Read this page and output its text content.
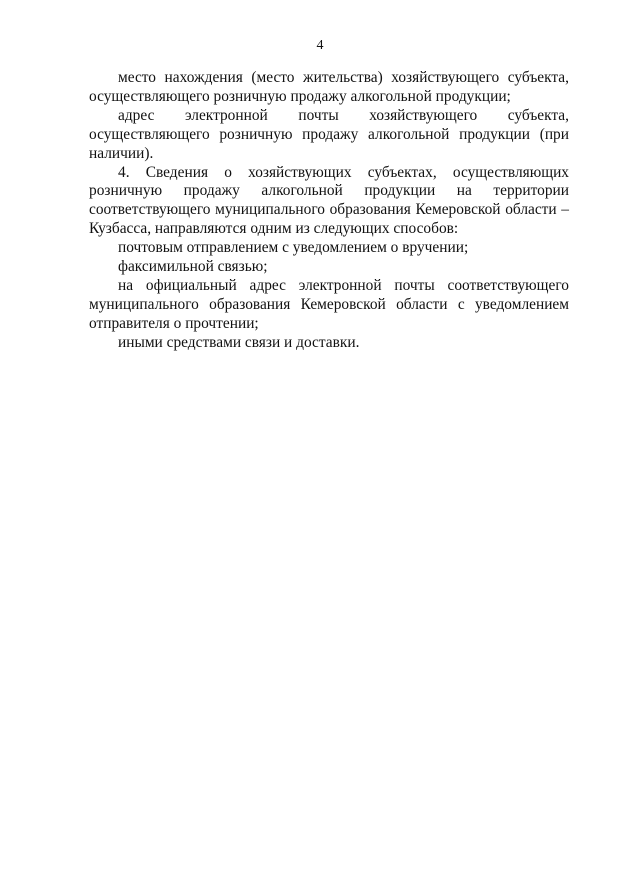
4

место нахождения (место жительства) хозяйствующего субъекта, осуществляющего розничную продажу алкогольной продукции;

адрес электронной почты хозяйствующего субъекта, осуществляющего розничную продажу алкогольной продукции (при наличии).

4. Сведения о хозяйствующих субъектах, осуществляющих розничную продажу алкогольной продукции на территории соответствующего муниципального образования Кемеровской области – Кузбасса, направляются одним из следующих способов:

почтовым отправлением с уведомлением о вручении;

факсимильной связью;

на официальный адрес электронной почты соответствующего муниципального образования Кемеровской области с уведомлением отправителя о прочтении;

иными средствами связи и доставки.
